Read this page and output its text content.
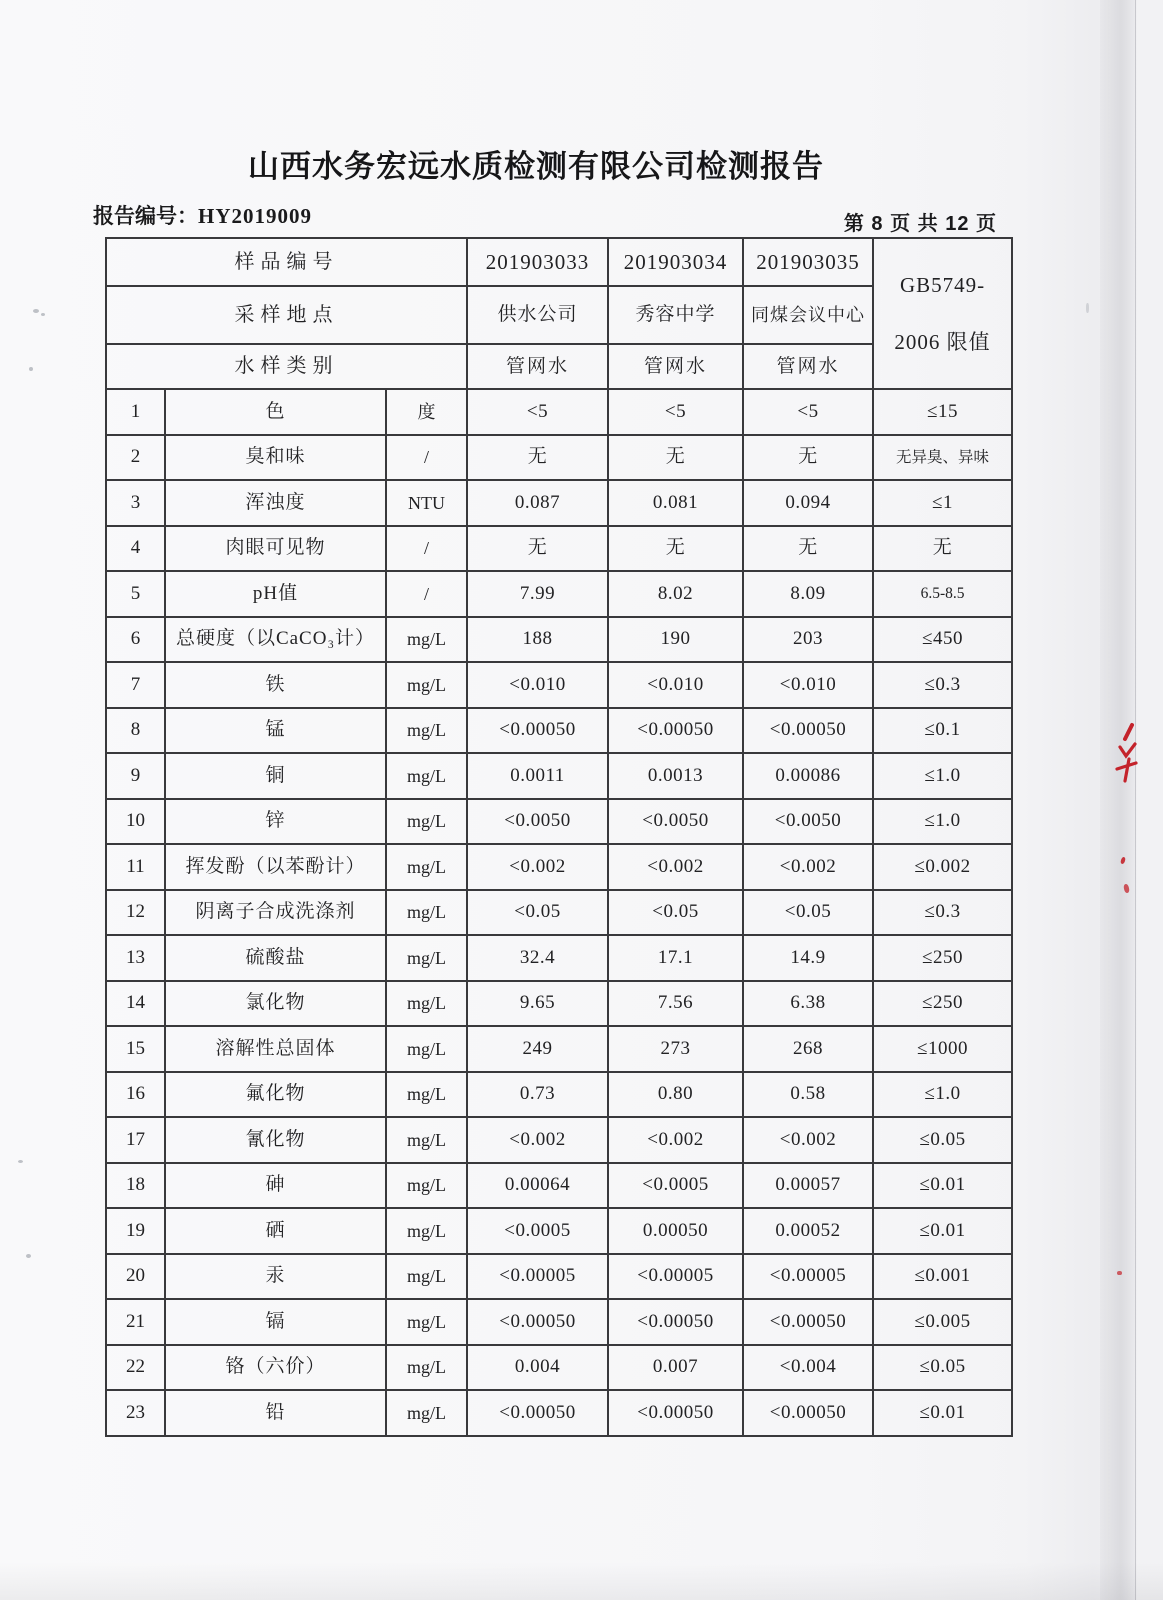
山西水务宏远水质检测有限公司检测报告
报告编号：HY2019009	第 8 页 共 12 页
样品编号			201903033	201903034	201903035	GB5749-
2006 限值

采样地点			供水公司	秀容中学	同煤会议中心	
水样类别			管网水	管网水	管网水	
1	色	度	<5	<5	<5	≤15
2	臭和味	/	无	无	无	无异臭、异味
3	浑浊度	NTU	0.087	0.081	0.094	≤1
4	肉眼可见物	/	无	无	无	无
5	pH值	/	7.99	8.02	8.09	6.5-8.5
6	总硬度（以CaCO₃计）	mg/L	188	190	203	≤450
7	铁	mg/L	<0.010	<0.010	<0.010	≤0.3
8	锰	mg/L	<0.00050	<0.00050	<0.00050	≤0.1
9	铜	mg/L	0.0011	0.0013	0.00086	≤1.0
10	锌	mg/L	<0.0050	<0.0050	<0.0050	≤1.0
11	挥发酚（以苯酚计）	mg/L	<0.002	<0.002	<0.002	≤0.002
12	阴离子合成洗涤剂	mg/L	<0.05	<0.05	<0.05	≤0.3
13	硫酸盐	mg/L	32.4	17.1	14.9	≤250
14	氯化物	mg/L	9.65	7.56	6.38	≤250
15	溶解性总固体	mg/L	249	273	268	≤1000
16	氟化物	mg/L	0.73	0.80	0.58	≤1.0
17	氰化物	mg/L	<0.002	<0.002	<0.002	≤0.05
18	砷	mg/L	0.00064	<0.0005	0.00057	≤0.01
19	硒	mg/L	<0.0005	0.00050	0.00052	≤0.01
20	汞	mg/L	<0.00005	<0.00005	<0.00005	≤0.001
21	镉	mg/L	<0.00050	<0.00050	<0.00050	≤0.005
22	铬（六价）	mg/L	0.004	0.007	<0.004	≤0.05
23	铅	mg/L	<0.00050	<0.00050	<0.00050	≤0.01
